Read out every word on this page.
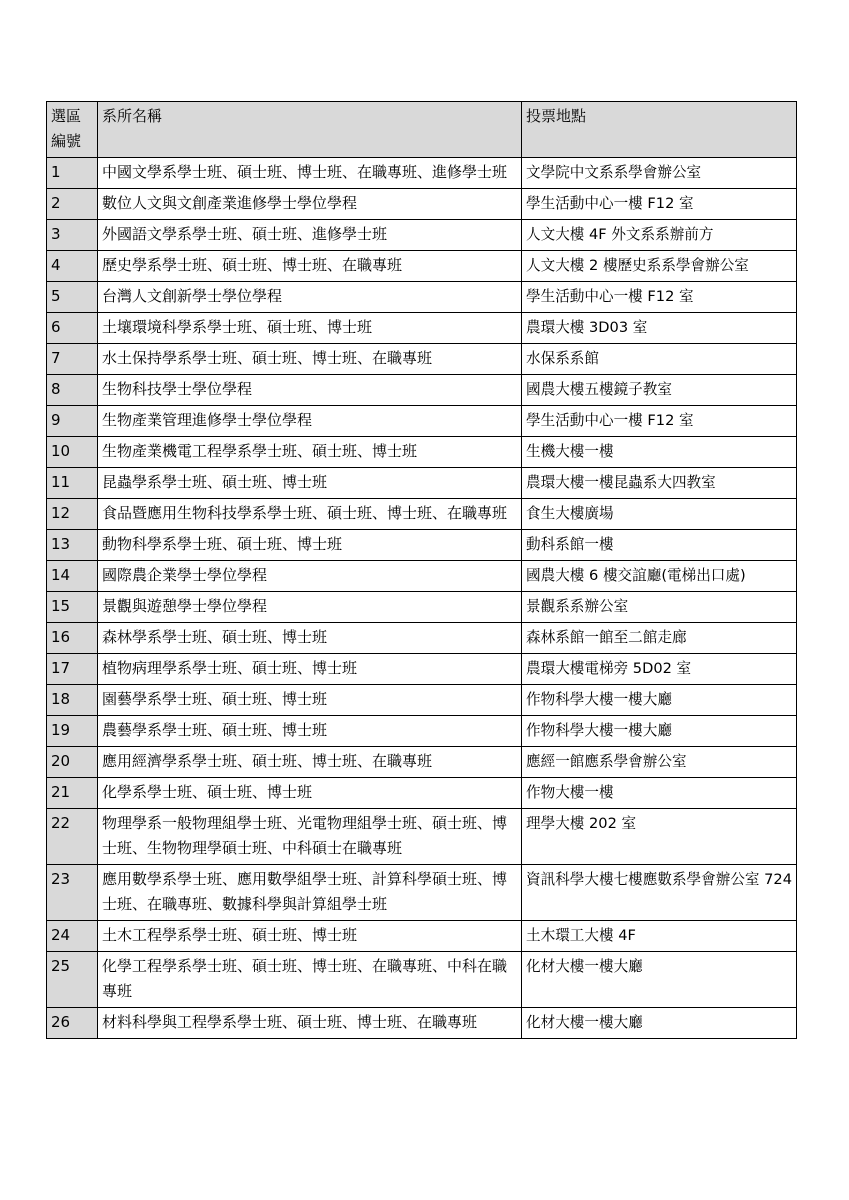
選區
編號	系所名稱	投票地點
1	中國文學系學士班、碩士班、博士班、在職專班、進修學士班	文學院中文系系學會辦公室
2	數位人文與文創產業進修學士學位學程	學生活動中心一樓 F12 室
3	外國語文學系學士班、碩士班、進修學士班	人文大樓 4F 外文系系辦前方
4	歷史學系學士班、碩士班、博士班、在職專班	人文大樓 2 樓歷史系系學會辦公室
5	台灣人文創新學士學位學程	學生活動中心一樓 F12 室
6	土壤環境科學系學士班、碩士班、博士班	農環大樓 3D03 室
7	水土保持學系學士班、碩士班、博士班、在職專班	水保系系館
8	生物科技學士學位學程	國農大樓五樓鏡子教室
9	生物產業管理進修學士學位學程	學生活動中心一樓 F12 室
10	生物產業機電工程學系學士班、碩士班、博士班	生機大樓一樓
11	昆蟲學系學士班、碩士班、博士班	農環大樓一樓昆蟲系大四教室
12	食品暨應用生物科技學系學士班、碩士班、博士班、在職專班	食生大樓廣場
13	動物科學系學士班、碩士班、博士班	動科系館一樓
14	國際農企業學士學位學程	國農大樓 6 樓交誼廳(電梯出口處)
15	景觀與遊憩學士學位學程	景觀系系辦公室
16	森林學系學士班、碩士班、博士班	森林系館一館至二館走廊
17	植物病理學系學士班、碩士班、博士班	農環大樓電梯旁 5D02 室
18	園藝學系學士班、碩士班、博士班	作物科學大樓一樓大廳
19	農藝學系學士班、碩士班、博士班	作物科學大樓一樓大廳
20	應用經濟學系學士班、碩士班、博士班、在職專班	應經一館應系學會辦公室
21	化學系學士班、碩士班、博士班	作物大樓一樓
22	物理學系一般物理組學士班、光電物理組學士班、碩士班、博士班、生物物理學碩士班、中科碩士在職專班	理學大樓 202 室
23	應用數學系學士班、應用數學組學士班、計算科學碩士班、博士班、在職專班、數據科學與計算組學士班	資訊科學大樓七樓應數系學會辦公室 724
24	土木工程學系學士班、碩士班、博士班	土木環工大樓 4F
25	化學工程學系學士班、碩士班、博士班、在職專班、中科在職專班	化材大樓一樓大廳
26	材料科學與工程學系學士班、碩士班、博士班、在職專班	化材大樓一樓大廳
